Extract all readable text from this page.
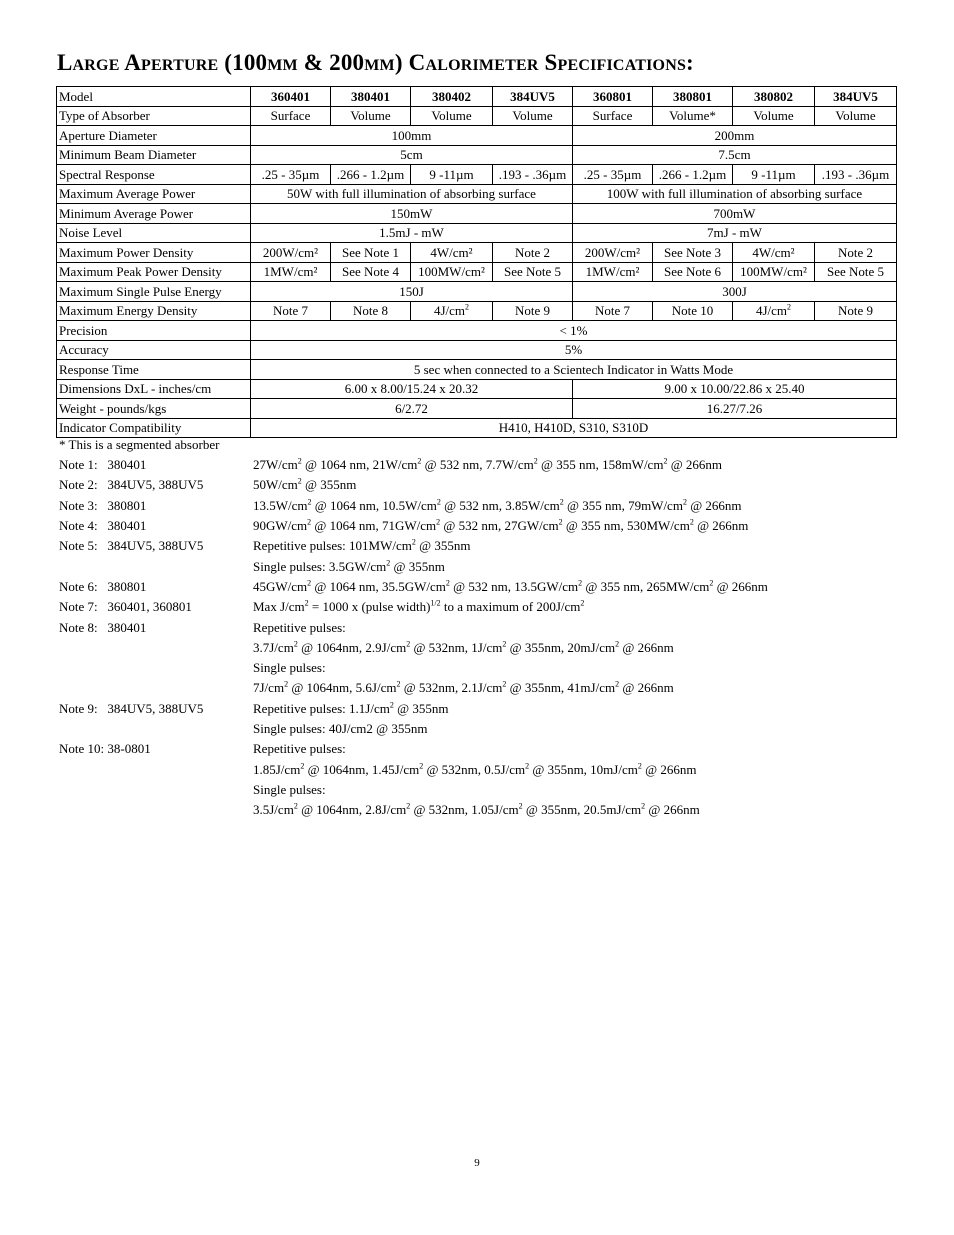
Large Aperture (100mm & 200mm) Calorimeter Specifications:
Model	360401	380401	380402	384UV5	360801	380801	380802	384UV5
Type of Absorber	Surface	Volume	Volume	Volume	Surface	Volume*	Volume	Volume
Aperture Diameter	100mm				200mm			
Minimum Beam Diameter	5cm				7.5cm			
Spectral Response	.25 - 35µm	.266 - 1.2µm	9 -11µm	.193 - .36µm	.25 - 35µm	.266 - 1.2µm	9 -11µm	.193 - .36µm
Maximum Average Power	50W with full illumination of absorbing surface				100W with full illumination of absorbing surface			
Minimum Average Power	150mW				700mW			
Noise Level	1.5mJ - mW				7mJ - mW			
Maximum Power Density	200W/cm²	See Note 1	4W/cm²	Note 2	200W/cm²	See Note 3	4W/cm²	Note 2
Maximum Peak Power Density	1MW/cm²	See Note 4	100MW/cm²	See Note 5	1MW/cm²	See Note 6	100MW/cm²	See Note 5
Maximum Single Pulse Energy	150J				300J			
Maximum Energy Density	Note 7	Note 8	$4J/cm^2$	Note 9	Note 7	Note 10	$4J/cm^2$	Note 9
Precision	< 1%							
Accuracy	5%							
Response Time	5 sec when connected to a Scientech Indicator in Watts Mode							
Dimensions DxL - inches/cm	6.00 x 8.00/15.24 x 20.32				9.00 x 10.00/22.86 x 25.40			
Weight - pounds/kgs	6/2.72				16.27/7.26			
Indicator Compatibility	H410, H410D, S310, S310D							
* This is a segmented absorber
Note 1:   380401	$27W/cm^2$ @ 1064 nm, $21W/cm^2$ @ 532 nm, $7.7W/cm^2$ @ 355 nm, $158mW/cm^2$ @ 266nm
Note 2:   384UV5, 388UV5	$50W/cm^2$ @ 355nm
Note 3:   380801	$13.5W/cm^2$ @ 1064 nm, $10.5W/cm^2$ @ 532 nm, $3.85W/cm^2$ @ 355 nm, $79mW/cm^2$ @ 266nm
Note 4:   380401	$90GW/cm^2$ @ 1064 nm, $71GW/cm^2$ @ 532 nm, $27GW/cm^2$ @ 355 nm, $530MW/cm^2$ @ 266nm
Note 5:   384UV5, 388UV5	Repetitive pulses: $101MW/cm^2$ @ 355nm
Single pulses: $3.5GW/cm^2$ @ 355nm
Note 6:   380801	$45GW/cm^2$ @ 1064 nm, $35.5GW/cm^2$ @ 532 nm, $13.5GW/cm^2$ @ 355 nm, $265MW/cm^2$ @ 266nm
Note 7:   360401, 360801	Max $J/cm^2 = 1000$ x (pulse width)$^{1/2}$ to a maximum of $200J/cm^2$
Note 8:   380401	Repetitive pulses:
$3.7J/cm^2$ @ 1064nm, $2.9J/cm^2$ @ 532nm, $1J/cm^2$ @ 355nm, $20mJ/cm^2$ @ 266nm
Single pulses:
$7J/cm^2$ @ 1064nm, $5.6J/cm^2$ @ 532nm, $2.1J/cm^2$ @ 355nm, $41mJ/cm^2$ @ 266nm
Note 9:   384UV5, 388UV5	Repetitive pulses: $1.1J/cm^2$ @ 355nm
Single pulses: 40J/cm2 @ 355nm
Note 10: 38-0801	Repetitive pulses:
$1.85J/cm^2$ @ 1064nm, $1.45J/cm^2$ @ 532nm, $0.5J/cm^2$ @ 355nm, $10mJ/cm^2$ @ 266nm
Single pulses:
$3.5J/cm^2$ @ 1064nm, $2.8J/cm^2$ @ 532nm, $1.05J/cm^2$ @ 355nm, $20.5mJ/cm^2$ @ 266nm
9
